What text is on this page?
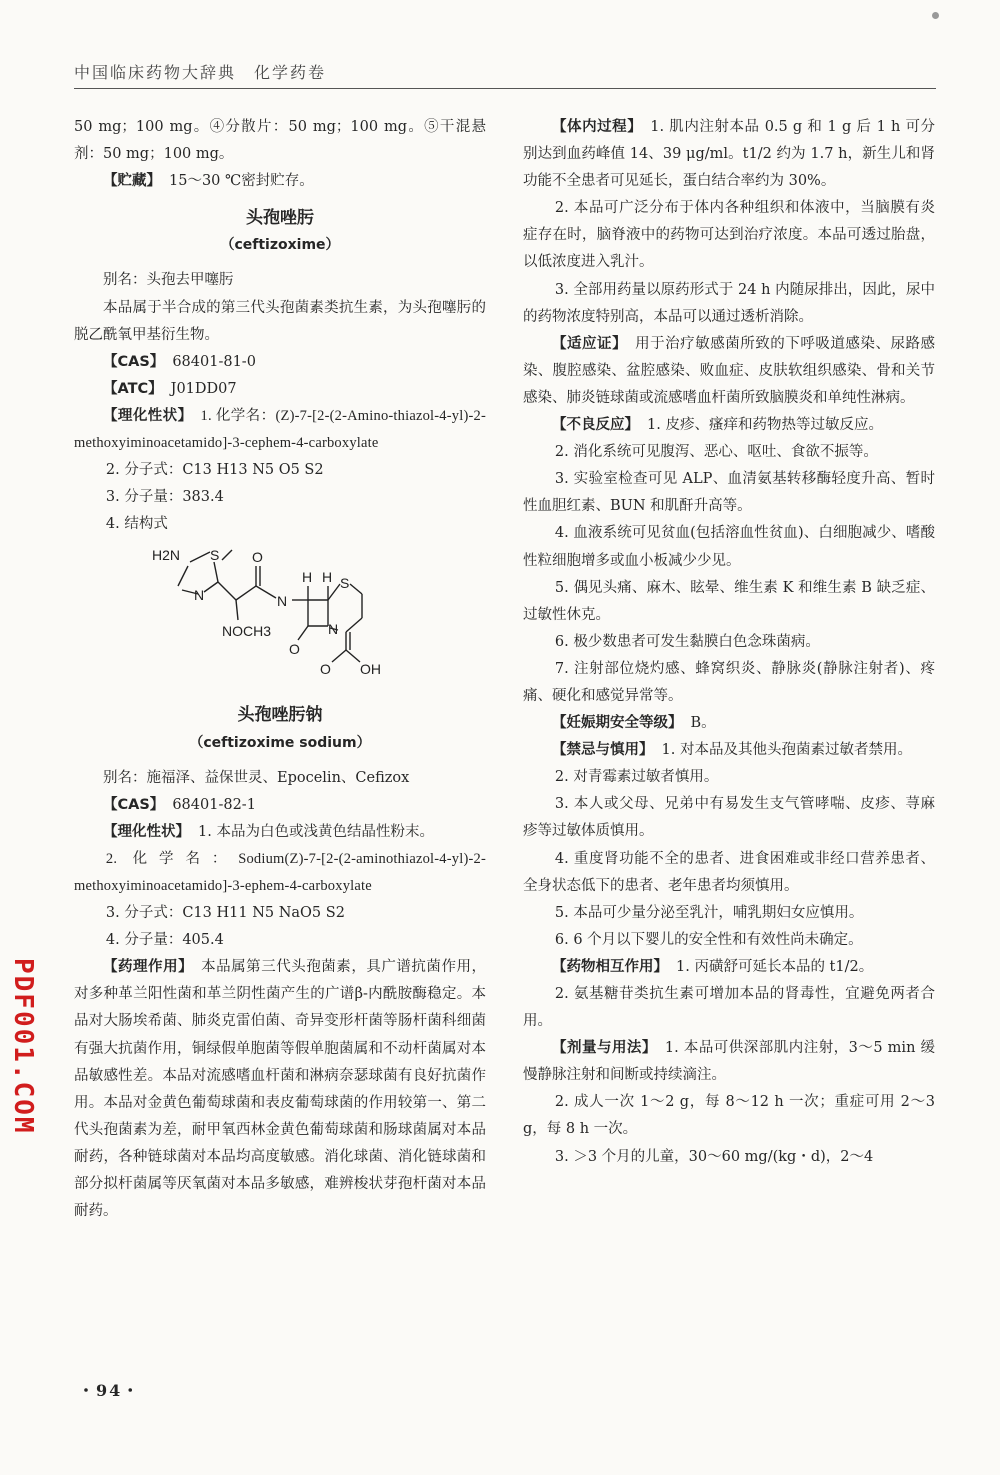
中国临床药物大辞典　化学药卷

50 mg；100 mg。④分散片：50 mg；100 mg。⑤干混悬剂：50 mg；100 mg。

【贮藏】 15～30 ℃密封贮存。

头孢唑肟

（ceftizoxime）

别名：头孢去甲噻肟

本品属于半合成的第三代头孢菌素类抗生素，为头孢噻肟的脱乙酰氧甲基衍生物。

【CAS】 68401-81-0

【ATC】 J01DD07

【理化性状】 1. 化学名：(Z)-7-[2-(2-Amino-thiazol-4-yl)-2-methoxyiminoacetamido]-3-cephem-4-carboxylate

2. 分子式：C13 H13 N5 O5 S2

3. 分子量：383.4

4. 结构式

H2N S
N
O
N
H H S
NOCH3
O
N
O OH

头孢唑肟钠

（ceftizoxime sodium）

别名：施福泽、益保世灵、Epocelin、Cefizox

【CAS】 68401-82-1

【理化性状】 1. 本品为白色或浅黄色结晶性粉末。

2. 化学名：Sodium(Z)-7-[2-(2-aminothiazol-4-yl)-2-methoxyiminoacetamido]-3-ephem-4-carboxylate

3. 分子式：C13 H11 N5 NaO5 S2

4. 分子量：405.4

【药理作用】 本品属第三代头孢菌素，具广谱抗菌作用，对多种革兰阳性菌和革兰阴性菌产生的广谱β-内酰胺酶稳定。本品对大肠埃希菌、肺炎克雷伯菌、奇异变形杆菌等肠杆菌科细菌有强大抗菌作用，铜绿假单胞菌等假单胞菌属和不动杆菌属对本品敏感性差。本品对流感嗜血杆菌和淋病奈瑟球菌有良好抗菌作用。本品对金黄色葡萄球菌和表皮葡萄球菌的作用较第一、第二代头孢菌素为差，耐甲氧西林金黄色葡萄球菌和肠球菌属对本品耐药，各种链球菌对本品均高度敏感。消化球菌、消化链球菌和部分拟杆菌属等厌氧菌对本品多敏感，难辨梭状芽孢杆菌对本品耐药。

【体内过程】 1. 肌内注射本品 0.5 g 和 1 g 后 1 h 可分别达到血药峰值 14、39 μg/ml。t1/2 约为 1.7 h，新生儿和肾功能不全患者可见延长，蛋白结合率约为 30%。

2. 本品可广泛分布于体内各种组织和体液中，当脑膜有炎症存在时，脑脊液中的药物可达到治疗浓度。本品可透过胎盘，以低浓度进入乳汁。

3. 全部用药量以原药形式于 24 h 内随尿排出，因此，尿中的药物浓度特别高，本品可以通过透析消除。

【适应证】 用于治疗敏感菌所致的下呼吸道感染、尿路感染、腹腔感染、盆腔感染、败血症、皮肤软组织感染、骨和关节感染、肺炎链球菌或流感嗜血杆菌所致脑膜炎和单纯性淋病。

【不良反应】 1. 皮疹、瘙痒和药物热等过敏反应。

2. 消化系统可见腹泻、恶心、呕吐、食欲不振等。

3. 实验室检查可见 ALP、血清氨基转移酶轻度升高、暂时性血胆红素、BUN 和肌酐升高等。

4. 血液系统可见贫血(包括溶血性贫血)、白细胞减少、嗜酸性粒细胞增多或血小板减少少见。

5. 偶见头痛、麻木、眩晕、维生素 K 和维生素 B 缺乏症、过敏性休克。

6. 极少数患者可发生黏膜白色念珠菌病。

7. 注射部位烧灼感、蜂窝织炎、静脉炎(静脉注射者)、疼痛、硬化和感觉异常等。

【妊娠期安全等级】 B。

【禁忌与慎用】 1. 对本品及其他头孢菌素过敏者禁用。

2. 对青霉素过敏者慎用。

3. 本人或父母、兄弟中有易发生支气管哮喘、皮疹、荨麻疹等过敏体质慎用。

4. 重度肾功能不全的患者、进食困难或非经口营养患者、全身状态低下的患者、老年患者均须慎用。

5. 本品可少量分泌至乳汁，哺乳期妇女应慎用。

6. 6 个月以下婴儿的安全性和有效性尚未确定。

【药物相互作用】 1. 丙磺舒可延长本品的 t1/2。

2. 氨基糖苷类抗生素可增加本品的肾毒性，宜避免两者合用。

【剂量与用法】 1. 本品可供深部肌内注射，3～5 min 缓慢静脉注射和间断或持续滴注。

2. 成人一次 1～2 g，每 8～12 h 一次；重症可用 2～3 g，每 8 h 一次。

3. ＞3 个月的儿童，30～60 mg/(kg・d)，2～4

・94・
PDF001.COM
